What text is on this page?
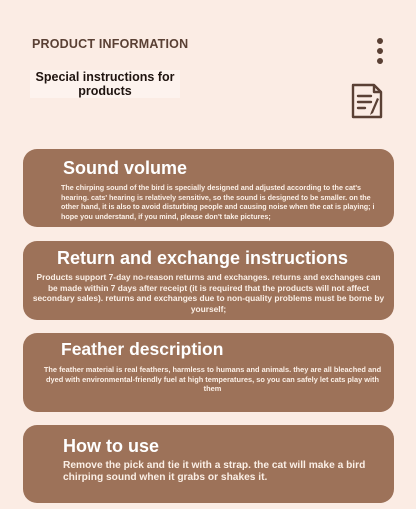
PRODUCT INFORMATION
Special instructions for products
Sound volume
The chirping sound of the bird is specially designed and adjusted according to the cat's hearing. cats' hearing is relatively sensitive, so the sound is designed to be smaller. on the other hand, it is also to avoid disturbing people and causing noise when the cat is playing; i hope you understand, if you mind, please don't take pictures;
Return and exchange instructions
Products support 7-day no-reason returns and exchanges. returns and exchanges can be made within 7 days after receipt (it is required that the products will not affect secondary sales). returns and exchanges due to non-quality problems must be borne by yourself;
Feather description
The feather material is real feathers, harmless to humans and animals. they are all bleached and dyed with environmental-friendly fuel at high temperatures, so you can safely let cats play with them
How to use
Remove the pick and tie it with a strap. the cat will make a bird chirping sound when it grabs or shakes it.
